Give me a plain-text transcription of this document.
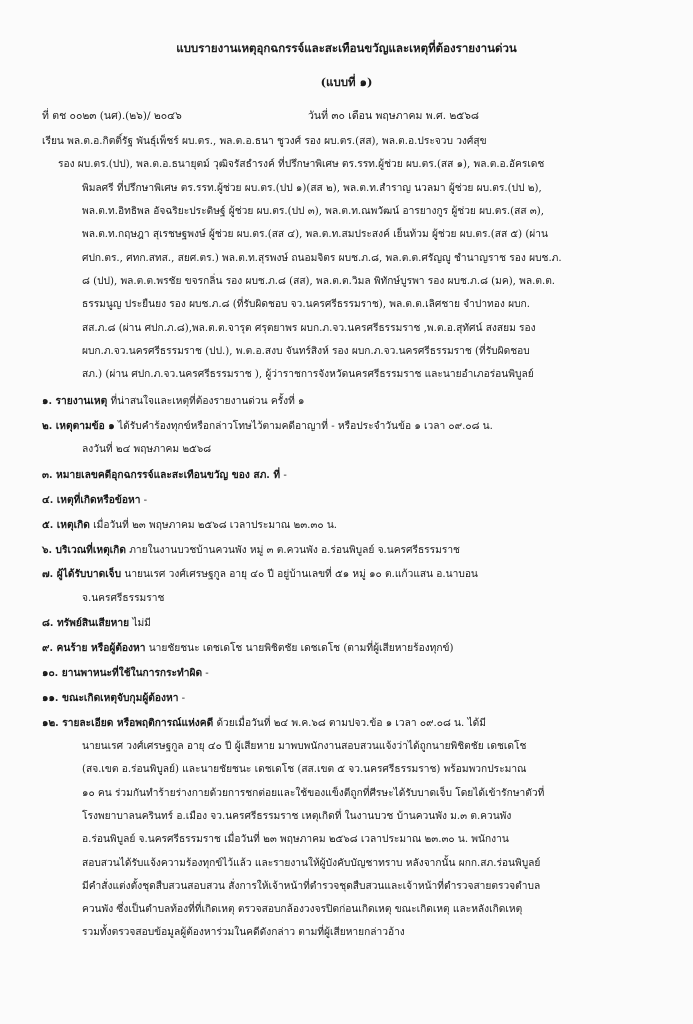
แบบรายงานเหตุอุกฉกรรจ์และสะเทือนขวัญและเหตุที่ต้องรายงานด่วน
(แบบที่ ๑)
ที่ ตช ๐๐๒๓ (นศ).(๒๖)/ ๒๐๔๖	วันที่ ๓๐ เดือน พฤษภาคม พ.ศ. ๒๕๖๘
เรียน พล.ต.อ.กิตติ์รัฐ พันธุ์เพ็ชร์ ผบ.ตร., พล.ต.อ.ธนา ชูวงศ์ รอง ผบ.ตร.(สส), พล.ต.อ.ประจวบ วงศ์สุข
รอง ผบ.ตร.(ปป), พล.ต.อ.ธนายุตม์ วุฒิจรัสธำรงค์ ที่ปรึกษาพิเศษ ตร.รรท.ผู้ช่วย ผบ.ตร.(สส ๑), พล.ต.อ.อัครเดช
พิมลศรี ที่ปรึกษาพิเศษ ตร.รรท.ผู้ช่วย ผบ.ตร.(ปป ๑)(สส ๒), พล.ต.ท.สำราญ นวลมา ผู้ช่วย ผบ.ตร.(ปป ๒),
พล.ต.ท.อิทธิพล อัจฉริยะประดิษฐ์ ผู้ช่วย ผบ.ตร.(ปป ๓), พล.ต.ท.ณพวัฒน์ อารยางกูร ผู้ช่วย ผบ.ตร.(สส ๓),
พล.ต.ท.กฤษฎา สุเรชษฐพงษ์ ผู้ช่วย ผบ.ตร.(สส ๔), พล.ต.ท.สมประสงค์ เย็นท้วม ผู้ช่วย ผบ.ตร.(สส ๕) (ผ่าน
ศปก.ตร., ศทก.สทส., สยศ.ตร.) พล.ต.ท.สุรพงษ์ ถนอมจิตร ผบช.ภ.๘, พล.ต.ต.ศรัญญู ชำนาญราช รอง ผบช.ภ.
๘ (ปป), พล.ต.ต.พรชัย ขจรกลิ่น รอง ผบช.ภ.๘ (สส), พล.ต.ต.วิมล พิทักษ์บูรพา รอง ผบช.ภ.๘ (มค), พล.ต.ต.
ธรรมนูญ ประยืนยง รอง ผบช.ภ.๘ (ที่รับผิดชอบ จว.นครศรีธรรมราช), พล.ต.ต.เลิศชาย จำปาทอง ผบก.
สส.ภ.๘ (ผ่าน ศปก.ภ.๘),พล.ต.ต.จารุต ศรุตยาพร ผบก.ภ.จว.นครศรีธรรมราช ,พ.ต.อ.สุทัศน์ สงสยม รอง
ผบก.ภ.จว.นครศรีธรรมราช (ปป.), พ.ต.อ.สงบ จันทร์สิงห์ รอง ผบก.ภ.จว.นครศรีธรรมราช (ที่รับผิดชอบ
สภ.) (ผ่าน ศปก.ภ.จว.นครศรีธรรมราช ), ผู้ว่าราชการจังหวัดนครศรีธรรมราช และนายอำเภอร่อนพิบูลย์
๑. รายงานเหตุ ที่น่าสนใจและเหตุที่ต้องรายงานด่วน ครั้งที่ ๑
๒. เหตุตามข้อ ๑ ได้รับคำร้องทุกข์หรือกล่าวโทษไว้ตามคดีอาญาที่ - หรือประจำวันข้อ ๑ เวลา ๐๙.๐๘ น.
ลงวันที่ ๒๔ พฤษภาคม ๒๕๖๘
๓. หมายเลขคดีอุกฉกรรจ์และสะเทือนขวัญ ของ สภ. ที่ -
๔. เหตุที่เกิดหรือข้อหา -
๕. เหตุเกิด เมื่อวันที่ ๒๓ พฤษภาคม ๒๕๖๘ เวลาประมาณ ๒๓.๓๐ น.
๖. บริเวณที่เหตุเกิด ภายในงานบวชบ้านควนพัง หมู่ ๓ ต.ควนพัง อ.ร่อนพิบูลย์ จ.นครศรีธรรมราช
๗. ผู้ได้รับบาดเจ็บ นายนเรศ วงศ์เศรษฐกูล อายุ ๔๐ ปี อยู่บ้านเลขที่ ๕๑ หมู่ ๑๐ ต.แก้วแสน อ.นาบอน
จ.นครศรีธรรมราช
๘. ทรัพย์สินเสียหาย ไม่มี
๙. คนร้าย หรือผู้ต้องหา นายชัยชนะ เดชเดโช นายพิชิตชัย เดชเดโช (ตามที่ผู้เสียหายร้องทุกข์)
๑๐. ยานพาหนะที่ใช้ในการกระทำผิด -
๑๑. ขณะเกิดเหตุจับกุมผู้ต้องหา -
๑๒. รายละเอียด หรือพฤติการณ์แห่งคดี ด้วยเมื่อวันที่ ๒๔ พ.ค.๖๘ ตามปจว.ข้อ ๑ เวลา ๐๙.๐๘ น. ได้มี
นายนเรศ วงศ์เศรษฐกูล อายุ ๔๐ ปี ผู้เสียหาย มาพบพนักงานสอบสวนแจ้งว่าได้ถูกนายพิชิตชัย เดชเดโช
(สจ.เขต อ.ร่อนพิบูลย์) และนายชัยชนะ เดชเดโช (สส.เขต ๕ จว.นครศรีธรรมราช) พร้อมพวกประมาณ
๑๐ คน ร่วมกันทำร้ายร่างกายด้วยการชกต่อยและใช้ของแข็งตีถูกที่ศีรษะได้รับบาดเจ็บ โดยได้เข้ารักษาตัวที่
โรงพยาบาลนครินทร์ อ.เมือง จว.นครศรีธรรมราช เหตุเกิดที่ ในงานบวช บ้านควนพัง ม.๓ ต.ควนพัง
อ.ร่อนพิบูลย์ จ.นครศรีธรรมราช เมื่อวันที่ ๒๓ พฤษภาคม ๒๕๖๘ เวลาประมาณ ๒๓.๓๐ น. พนักงาน
สอบสวนได้รับแจ้งความร้องทุกข์ไว้แล้ว และรายงานให้ผู้บังคับบัญชาทราบ หลังจากนั้น ผกก.สภ.ร่อนพิบูลย์
มีคำสั่งแต่งตั้งชุดสืบสวนสอบสวน สั่งการให้เจ้าหน้าที่ตำรวจชุดสืบสวนและเจ้าหน้าที่ตำรวจสายตรวจตำบล
ควนพัง ซึ่งเป็นตำบลท้องที่ที่เกิดเหตุ ตรวจสอบกล้องวงจรปิดก่อนเกิดเหตุ ขณะเกิดเหตุ และหลังเกิดเหตุ
รวมทั้งตรวจสอบข้อมูลผู้ต้องหาร่วมในคดีดังกล่าว ตามที่ผู้เสียหายกล่าวอ้าง
